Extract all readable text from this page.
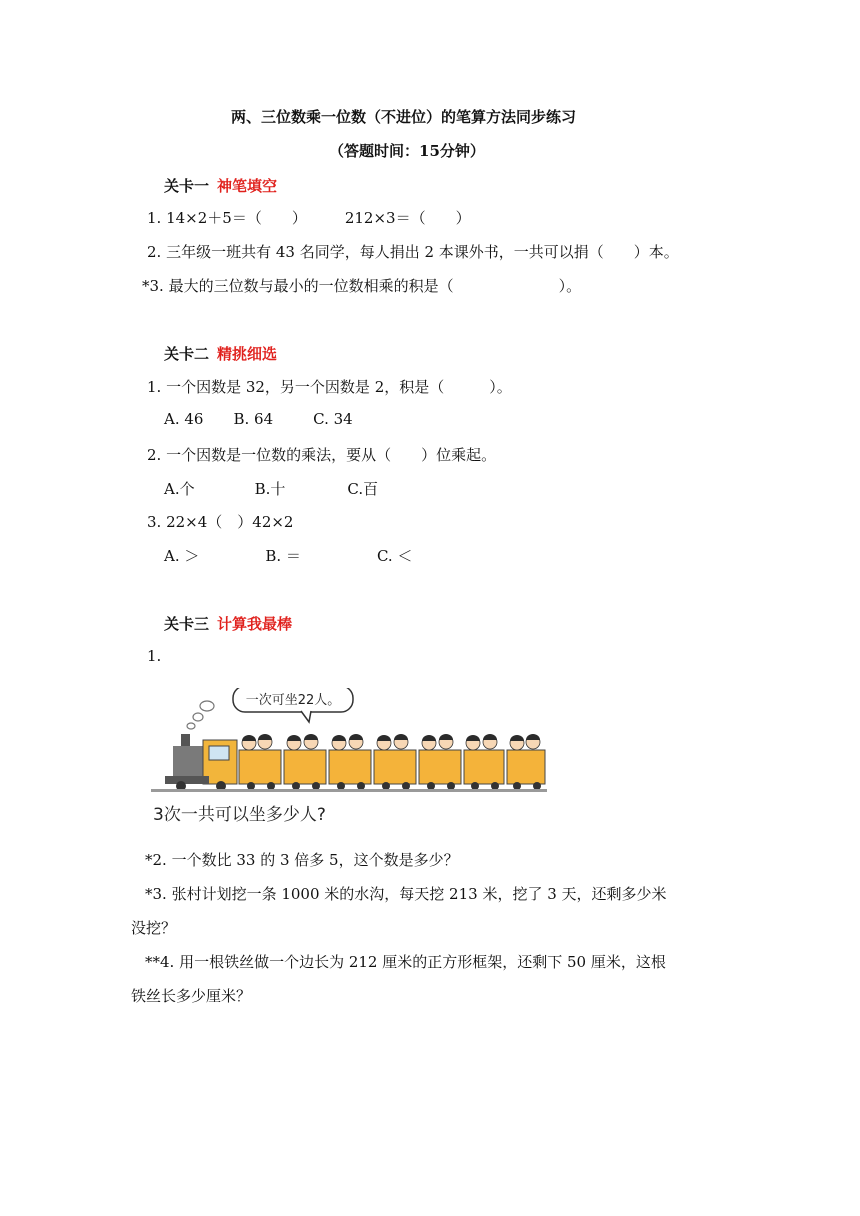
两、三位数乘一位数（不进位）的笔算方法同步练习
（答题时间：15分钟）
关卡一 神笔填空
1. 14×2＋5＝（　　）	212×3＝（　　）
2. 三年级一班共有 43 名同学，每人捐出 2 本课外书，一共可以捐（　　）本。
*3. 最大的三位数与最小的一位数相乘的积是（　　　　　　　）。
关卡二 精挑细选
1. 一个因数是 32，另一个因数是 2，积是（　　　）。
A. 46 B. 64	C. 34
2. 一个因数是一位数的乘法，要从（　　）位乘起。
A.个	B.十	C.百
3. 22×4（　）42×2
A. ＞	B. ＝	C. ＜
关卡三 计算我最棒
1.
一次可坐22人。
3次一共可以坐多少人?
*2. 一个数比 33 的 3 倍多 5，这个数是多少？
*3. 张村计划挖一条 1000 米的水沟，每天挖 213 米，挖了 3 天，还剩多少米
没挖？
**4. 用一根铁丝做一个边长为 212 厘米的正方形框架，还剩下 50 厘米，这根
铁丝长多少厘米？
